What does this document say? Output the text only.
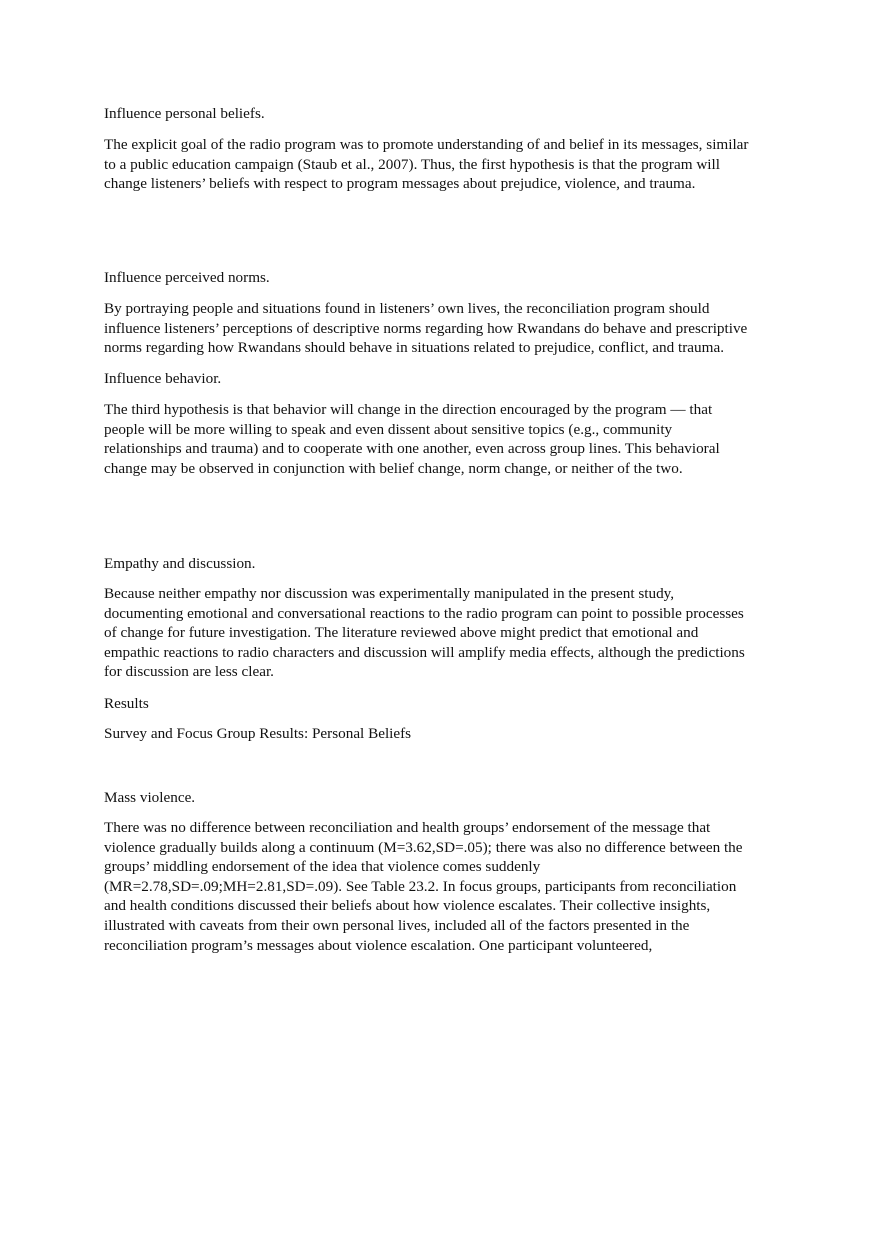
Influence personal beliefs.

The explicit goal of the radio program was to promote understanding of and belief in its messages, similar
to a public education campaign (Staub et al., 2007). Thus, the first hypothesis is that the program will
change listeners’ beliefs with respect to program messages about prejudice, violence, and trauma.

Influence perceived norms.

By portraying people and situations found in listeners’ own lives, the reconciliation program should
influence listeners’ perceptions of descriptive norms regarding how Rwandans do behave and prescriptive
norms regarding how Rwandans should behave in situations related to prejudice, conflict, and trauma.

Influence behavior.

The third hypothesis is that behavior will change in the direction encouraged by the program — that
people will be more willing to speak and even dissent about sensitive topics (e.g., community
relationships and trauma) and to cooperate with one another, even across group lines. This behavioral
change may be observed in conjunction with belief change, norm change, or neither of the two.

Empathy and discussion.

Because neither empathy nor discussion was experimentally manipulated in the present study,
documenting emotional and conversational reactions to the radio program can point to possible processes
of change for future investigation. The literature reviewed above might predict that emotional and
empathic reactions to radio characters and discussion will amplify media effects, although the predictions
for discussion are less clear.

Results

Survey and Focus Group Results: Personal Beliefs

Mass violence.

There was no difference between reconciliation and health groups’ endorsement of the message that
violence gradually builds along a continuum (M=3.62,SD=.05); there was also no difference between the
groups’ middling endorsement of the idea that violence comes suddenly
(MR=2.78,SD=.09;MH=2.81,SD=.09). See Table 23.2. In focus groups, participants from reconciliation
and health conditions discussed their beliefs about how violence escalates. Their collective insights,
illustrated with caveats from their own personal lives, included all of the factors presented in the
reconciliation program’s messages about violence escalation. One participant volunteered,
